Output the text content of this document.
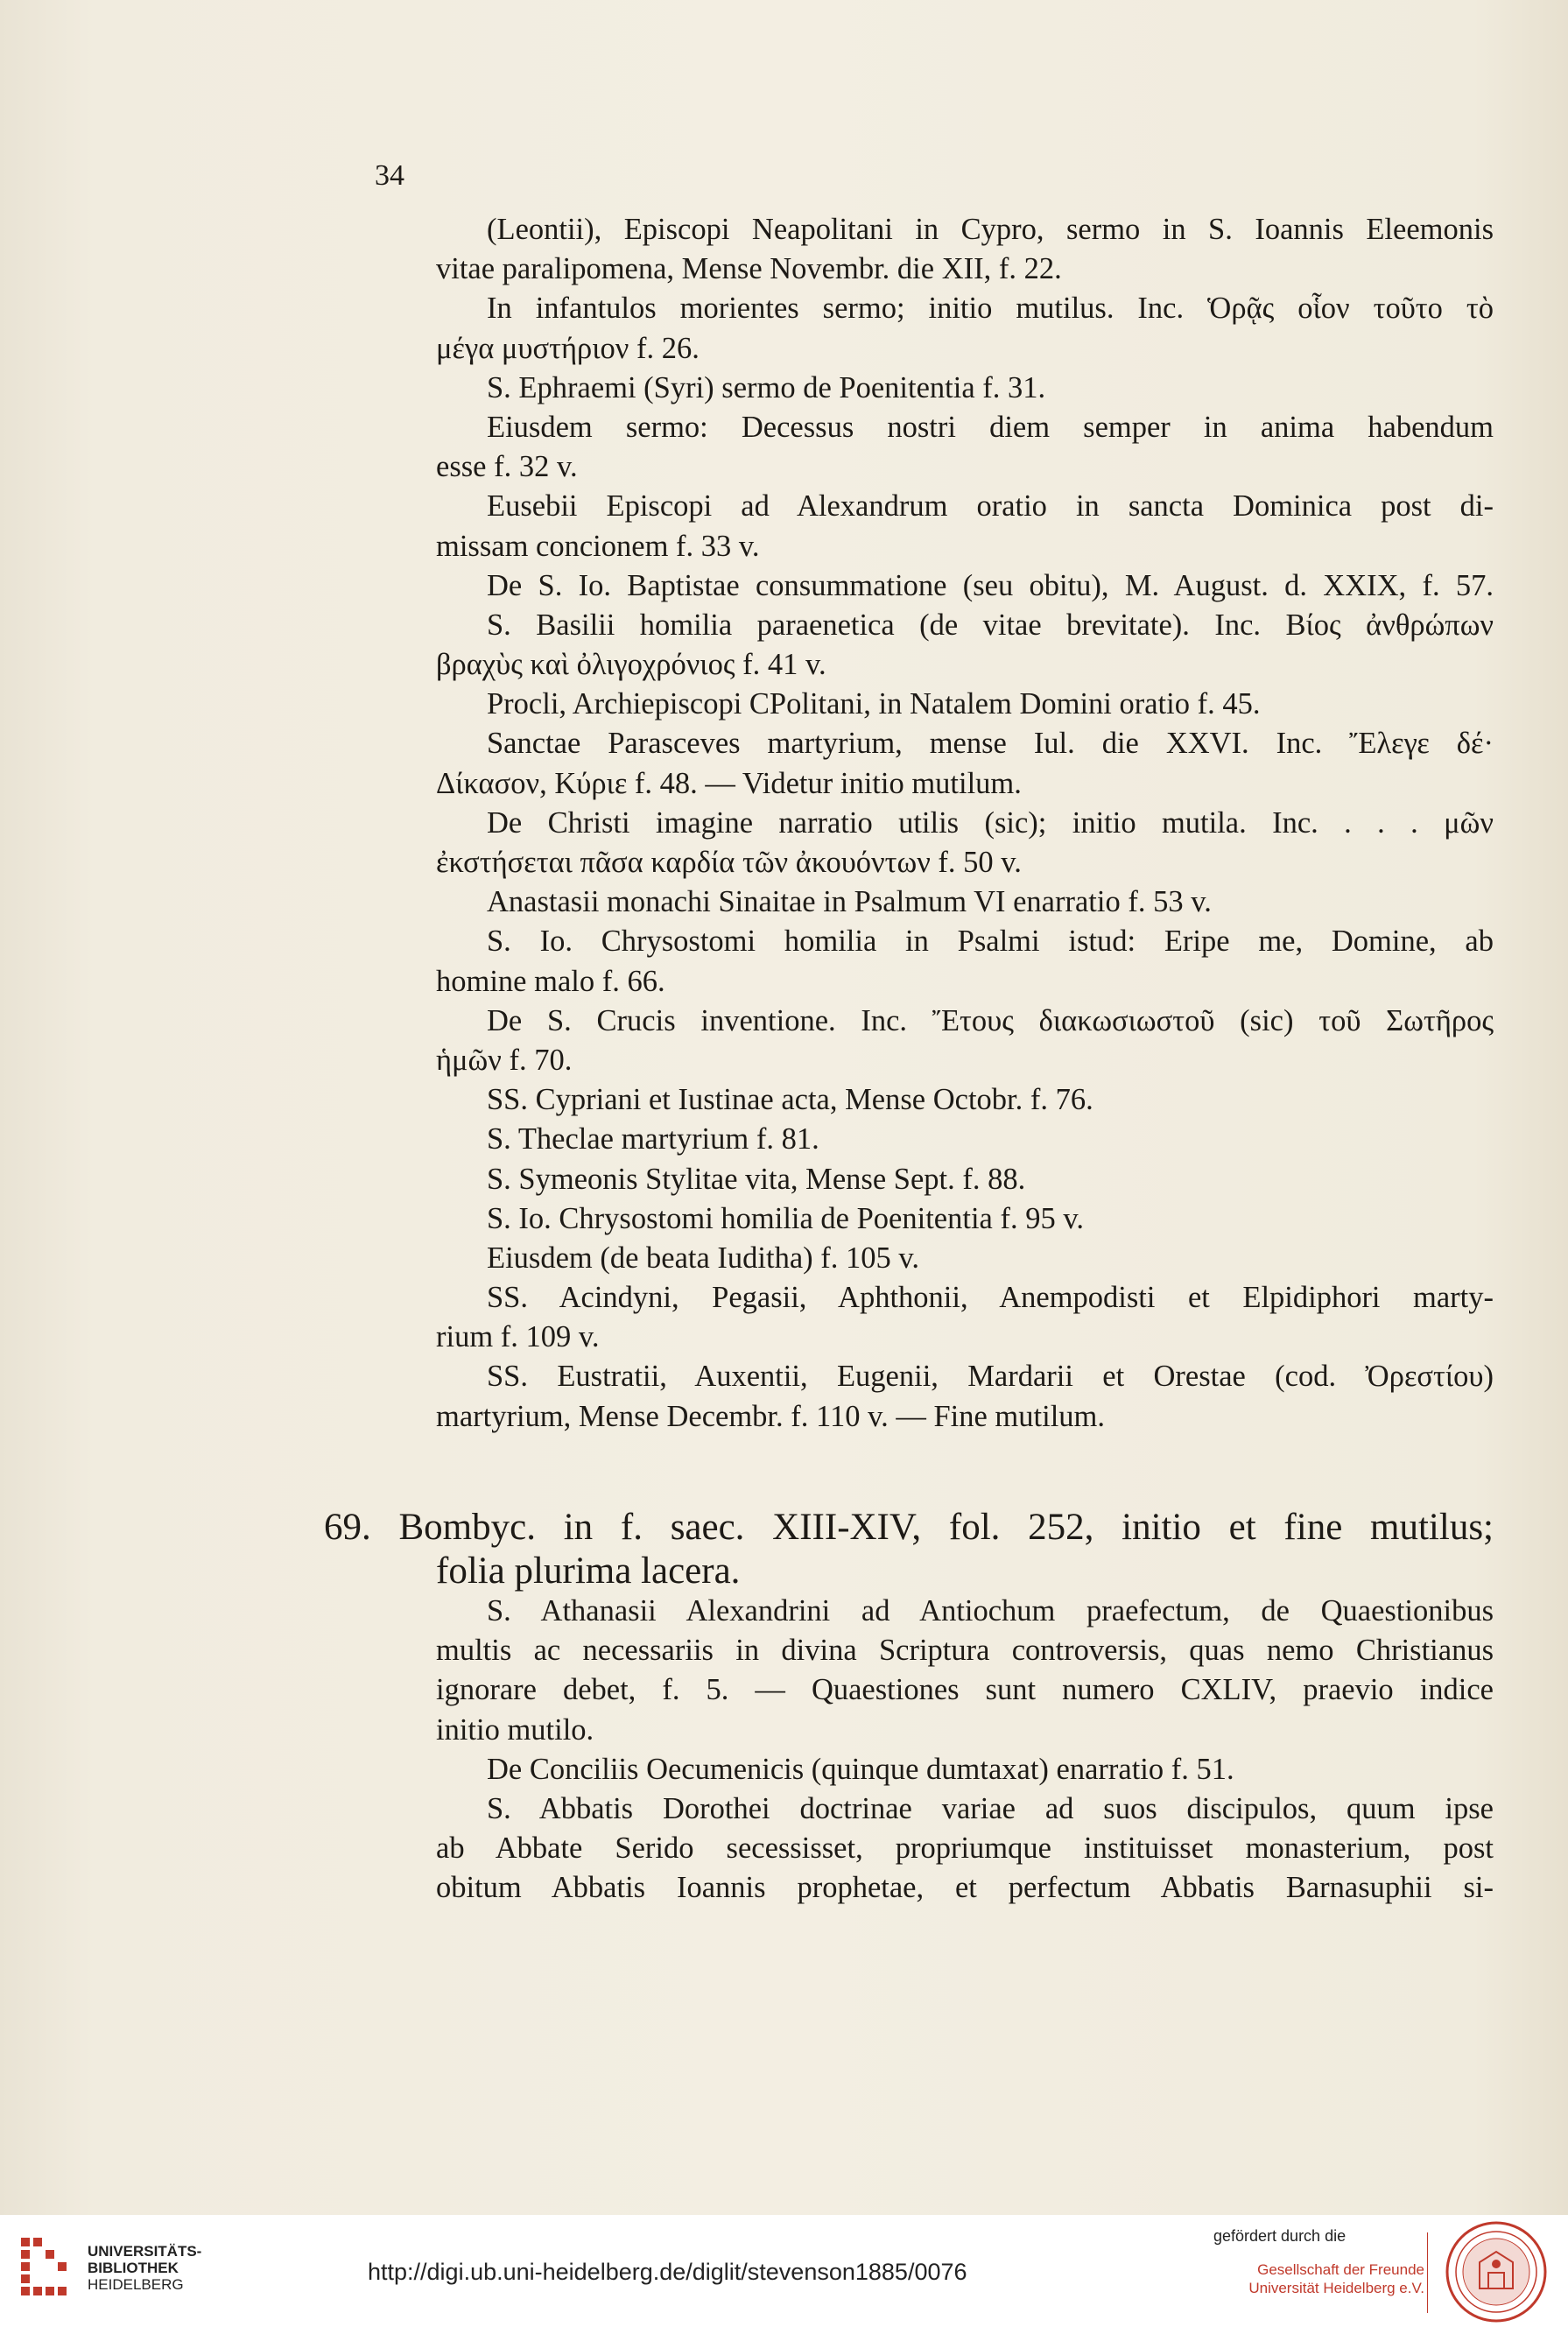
34
(Leontii), Episcopi Neapolitani in Cypro, sermo in S. Ioannis Eleemonis
vitae paralipomena, Mense Novembr. die XII, f. 22.
In infantulos morientes sermo; initio mutilus. Inc. Ὁρᾷς οἷον τοῦτο τὸ
μέγα μυστήριον f. 26.
S. Ephraemi (Syri) sermo de Poenitentia f. 31.
Eiusdem sermo: Decessus nostri diem semper in anima habendum
esse f. 32 v.
Eusebii Episcopi ad Alexandrum oratio in sancta Dominica post di-
missam concionem f. 33 v.
De S. Io. Baptistae consummatione (seu obitu), M. August. d. XXIX, f. 57.
S. Basilii homilia paraenetica (de vitae brevitate). Inc. Βίος ἀνθρώπων
βραχὺς καὶ ὀλιγοχρόνιος f. 41 v.
Procli, Archiepiscopi CPolitani, in Natalem Domini oratio f. 45.
Sanctae Parasceves martyrium, mense Iul. die XXVI. Inc. Ἔλεγε δέ·
Δίκασον, Κύριε f. 48. — Videtur initio mutilum.
De Christi imagine narratio utilis (sic); initio mutila. Inc. . . . μῶν
ἐκστήσεται πᾶσα καρδία τῶν ἀκουόντων f. 50 v.
Anastasii monachi Sinaitae in Psalmum VI enarratio f. 53 v.
S. Io. Chrysostomi homilia in Psalmi istud: Eripe me, Domine, ab
homine malo f. 66.
De S. Crucis inventione. Inc. Ἔτους διακωσιωστοῦ (sic) τοῦ Σωτῆρος
ἡμῶν f. 70.
SS. Cypriani et Iustinae acta, Mense Octobr. f. 76.
S. Theclae martyrium f. 81.
S. Symeonis Stylitae vita, Mense Sept. f. 88.
S. Io. Chrysostomi homilia de Poenitentia f. 95 v.
Eiusdem (de beata Iuditha) f. 105 v.
SS. Acindyni, Pegasii, Aphthonii, Anempodisti et Elpidiphori marty-
rium f. 109 v.
SS. Eustratii, Auxentii, Eugenii, Mardarii et Orestae (cod. Ὀρεστίου)
martyrium, Mense Decembr. f. 110 v. — Fine mutilum.
69. Bombyc. in f. saec. XIII-XIV, fol. 252, initio et fine mutilus;
folia plurima lacera.
S. Athanasii Alexandrini ad Antiochum praefectum, de Quaestionibus
multis ac necessariis in divina Scriptura controversis, quas nemo Christianus
ignorare debet, f. 5. — Quaestiones sunt numero CXLIV, praevio indice
initio mutilo.
De Conciliis Oecumenicis (quinque dumtaxat) enarratio f. 51.
S. Abbatis Dorothei doctrinae variae ad suos discipulos, quum ipse
ab Abbate Serido secessisset, propriumque instituisset monasterium, post
obitum Abbatis Ioannis prophetae, et perfectum Abbatis Barnasuphii si-
UNIVERSITÄTS-
BIBLIOTHEK
HEIDELBERG	http://digi.ub.uni-heidelberg.de/diglit/stevenson1885/0076
gefördert durch die
Gesellschaft der Freunde
Universität Heidelberg e.V.
